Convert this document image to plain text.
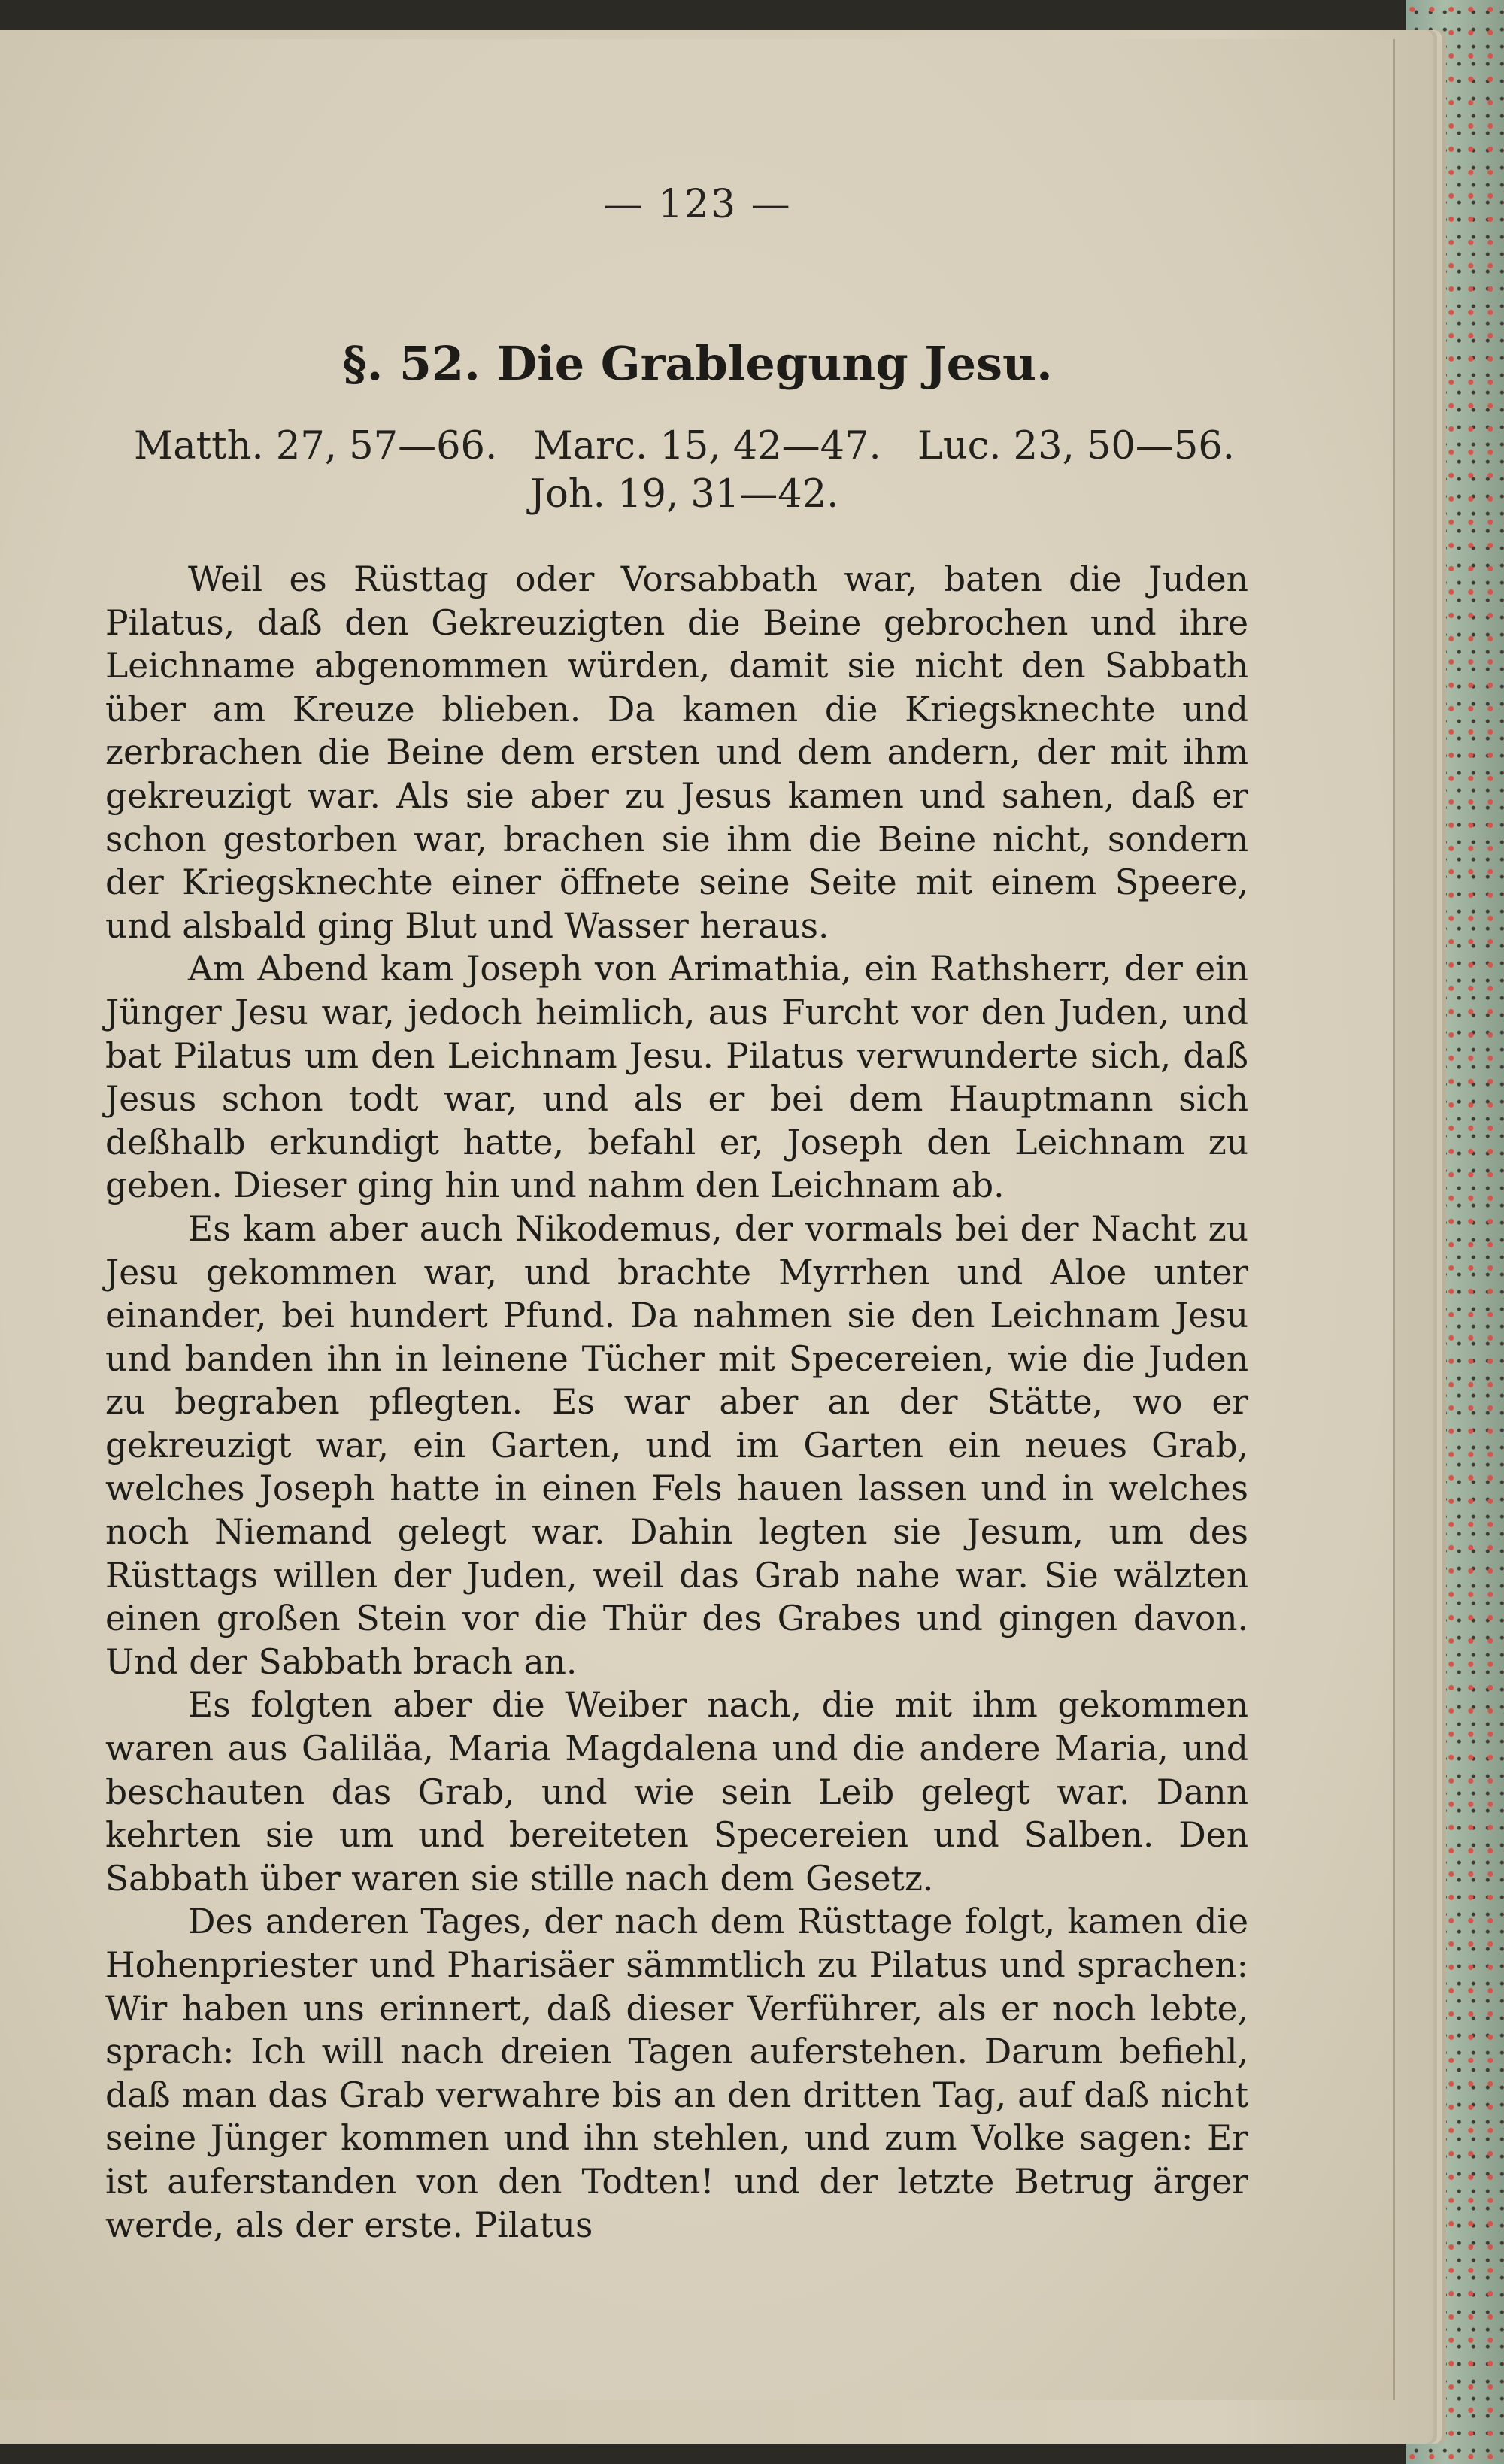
— 123 —
§. 52. Die Grablegung Jesu.
Matth. 27, 57—66. Marc. 15, 42—47. Luc. 23, 50—56.
Joh. 19, 31—42.

Weil es Rüsttag oder Vorsabbath war, baten die Juden Pilatus, daß den Gekreuzigten die Beine gebrochen und ihre Leichname abgenommen würden, damit sie nicht den Sabbath über am Kreuze blieben. Da kamen die Kriegsknechte und zerbrachen die Beine dem ersten und dem andern, der mit ihm gekreuzigt war. Als sie aber zu Jesus kamen und sahen, daß er schon gestorben war, brachen sie ihm die Beine nicht, sondern der Kriegsknechte einer öffnete seine Seite mit einem Speere, und alsbald ging Blut und Wasser heraus.

Am Abend kam Joseph von Arimathia, ein Rathsherr, der ein Jünger Jesu war, jedoch heimlich, aus Furcht vor den Juden, und bat Pilatus um den Leichnam Jesu. Pilatus verwunderte sich, daß Jesus schon todt war, und als er bei dem Hauptmann sich deßhalb erkundigt hatte, befahl er, Joseph den Leichnam zu geben. Dieser ging hin und nahm den Leichnam ab.

Es kam aber auch Nikodemus, der vormals bei der Nacht zu Jesu gekommen war, und brachte Myrrhen und Aloe unter einander, bei hundert Pfund. Da nahmen sie den Leichnam Jesu und banden ihn in leinene Tücher mit Specereien, wie die Juden zu begraben pflegten. Es war aber an der Stätte, wo er gekreuzigt war, ein Garten, und im Garten ein neues Grab, welches Joseph hatte in einen Fels hauen lassen und in welches noch Niemand gelegt war. Dahin legten sie Jesum, um des Rüsttags willen der Juden, weil das Grab nahe war. Sie wälzten einen großen Stein vor die Thür des Grabes und gingen davon. Und der Sabbath brach an.

Es folgten aber die Weiber nach, die mit ihm gekommen waren aus Galiläa, Maria Magdalena und die andere Maria, und beschauten das Grab, und wie sein Leib gelegt war. Dann kehrten sie um und bereiteten Specereien und Salben. Den Sabbath über waren sie stille nach dem Gesetz.

Des anderen Tages, der nach dem Rüsttage folgt, kamen die Hohenpriester und Pharisäer sämmtlich zu Pilatus und sprachen: Wir haben uns erinnert, daß dieser Verführer, als er noch lebte, sprach: Ich will nach dreien Tagen auferstehen. Darum befiehl, daß man das Grab verwahre bis an den dritten Tag, auf daß nicht seine Jünger kommen und ihn stehlen, und zum Volke sagen: Er ist auferstanden von den Todten! und der letzte Betrug ärger werde, als der erste. Pilatus
